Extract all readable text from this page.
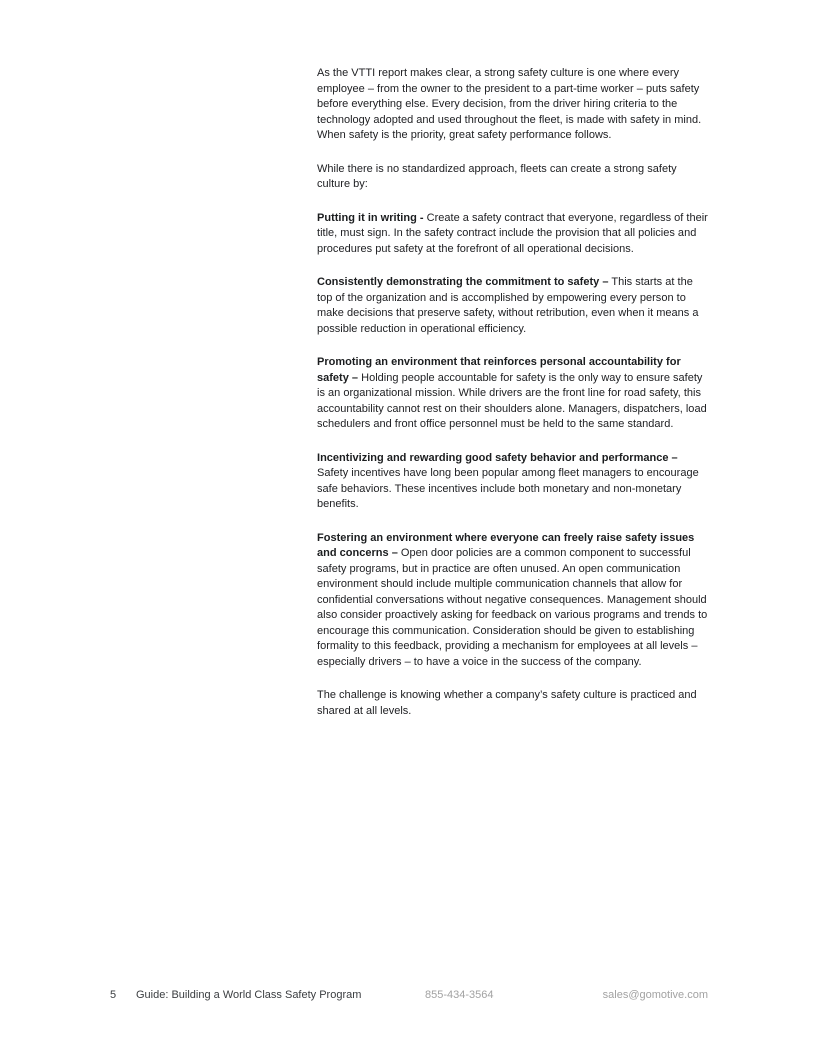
As the VTTI report makes clear, a strong safety culture is one where every employee – from the owner to the president to a part-time worker – puts safety before everything else. Every decision, from the driver hiring criteria to the technology adopted and used throughout the fleet, is made with safety in mind. When safety is the priority, great safety performance follows.

While there is no standardized approach, fleets can create a strong safety culture by:

Putting it in writing - Create a safety contract that everyone, regardless of their title, must sign. In the safety contract include the provision that all policies and procedures put safety at the forefront of all operational decisions.

Consistently demonstrating the commitment to safety – This starts at the top of the organization and is accomplished by empowering every person to make decisions that preserve safety, without retribution, even when it means a possible reduction in operational efficiency.

Promoting an environment that reinforces personal accountability for safety – Holding people accountable for safety is the only way to ensure safety is an organizational mission. While drivers are the front line for road safety, this accountability cannot rest on their shoulders alone. Managers, dispatchers, load schedulers and front office personnel must be held to the same standard.

Incentivizing and rewarding good safety behavior and performance – Safety incentives have long been popular among fleet managers to encourage safe behaviors. These incentives include both monetary and non-monetary benefits.

Fostering an environment where everyone can freely raise safety issues and concerns – Open door policies are a common component to successful safety programs, but in practice are often unused. An open communication environment should include multiple communication channels that allow for confidential conversations without negative consequences. Management should also consider proactively asking for feedback on various programs and trends to encourage this communication. Consideration should be given to establishing formality to this feedback, providing a mechanism for employees at all levels – especially drivers – to have a voice in the success of the company.

The challenge is knowing whether a company’s safety culture is practiced and shared at all levels.

5 Guide: Building a World Class Safety Program	855-434-3564	sales@gomotive.com
